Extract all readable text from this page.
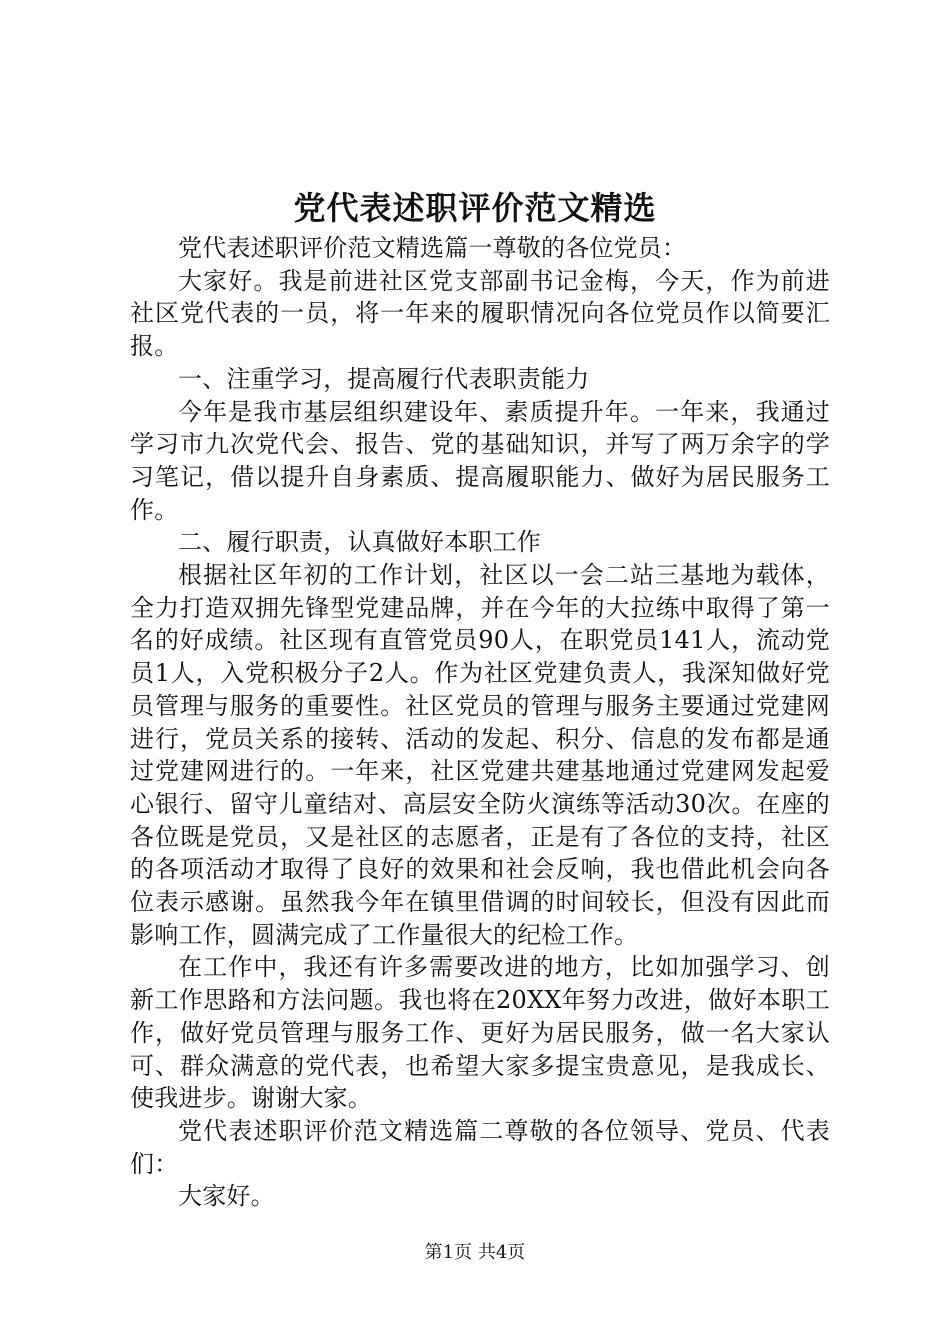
党代表述职评价范文精选

党代表述职评价范文精选篇一尊敬的各位党员：

大家好。我是前进社区党支部副书记金梅，今天，作为前进社区党代表的一员，将一年来的履职情况向各位党员作以简要汇报。

一、注重学习，提高履行代表职责能力

今年是我市基层组织建设年、素质提升年。一年来，我通过学习市九次党代会、报告、党的基础知识，并写了两万余字的学习笔记，借以提升自身素质、提高履职能力、做好为居民服务工作。

二、履行职责，认真做好本职工作

根据社区年初的工作计划，社区以一会二站三基地为载体，全力打造双拥先锋型党建品牌，并在今年的大拉练中取得了第一名的好成绩。社区现有直管党员90人，在职党员141人，流动党员1人，入党积极分子2人。作为社区党建负责人，我深知做好党员管理与服务的重要性。社区党员的管理与服务主要通过党建网进行，党员关系的接转、活动的发起、积分、信息的发布都是通过党建网进行的。一年来，社区党建共建基地通过党建网发起爱心银行、留守儿童结对、高层安全防火演练等活动30次。在座的各位既是党员，又是社区的志愿者，正是有了各位的支持，社区的各项活动才取得了良好的效果和社会反响，我也借此机会向各位表示感谢。虽然我今年在镇里借调的时间较长，但没有因此而影响工作，圆满完成了工作量很大的纪检工作。

在工作中，我还有许多需要改进的地方，比如加强学习、创新工作思路和方法问题。我也将在20XX年努力改进，做好本职工作，做好党员管理与服务工作、更好为居民服务，做一名大家认可、群众满意的党代表，也希望大家多提宝贵意见，是我成长、使我进步。谢谢大家。

党代表述职评价范文精选篇二尊敬的各位领导、党员、代表们：

大家好。

第1页 共4页
